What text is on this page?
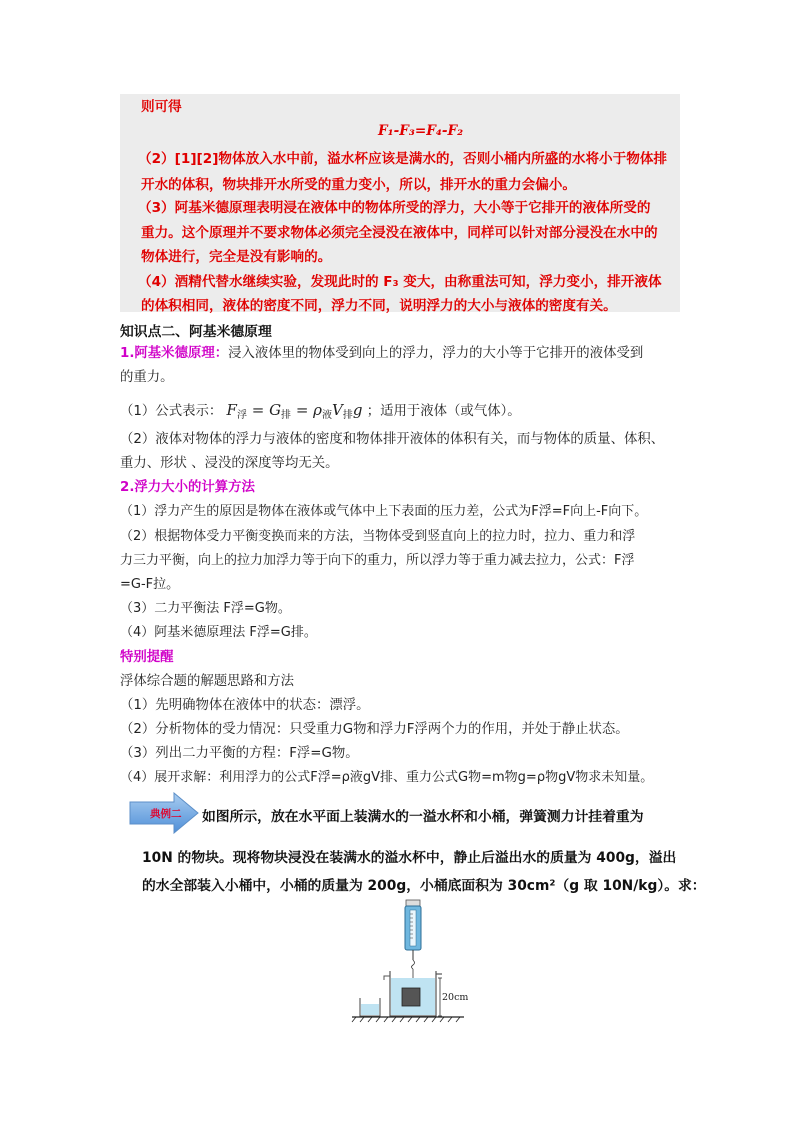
则可得
F₁-F₃=F₄-F₂
（2）[1][2]物体放入水中前，溢水杯应该是满水的，否则小桶内所盛的水将小于物体排
开水的体积，物块排开水所受的重力变小，所以，排开水的重力会偏小。
（3）阿基米德原理表明浸在液体中的物体所受的浮力，大小等于它排开的液体所受的
重力。这个原理并不要求物体必须完全浸没在液体中，同样可以针对部分浸没在水中的
物体进行，完全是没有影响的。
（4）酒精代替水继续实验，发现此时的 F₃ 变大，由称重法可知，浮力变小，排开液体
的体积相同，液体的密度不同，浮力不同，说明浮力的大小与液体的密度有关。
知识点二、阿基米德原理
1.阿基米德原理：浸入液体里的物体受到向上的浮力，浮力的大小等于它排开的液体受到
的重力。
（1）公式表示： $F_浮 = G_排 = \rho_液V_排g$ ；适用于液体（或气体）。
（2）液体对物体的浮力与液体的密度和物体排开液体的体积有关，而与物体的质量、体积、
重力、形状 、浸没的深度等均无关。
2.浮力大小的计算方法
（1）浮力产生的原因是物体在液体或气体中上下表面的压力差，公式为F浮=F向上-F向下。
（2）根据物体受力平衡变换而来的方法，当物体受到竖直向上的拉力时，拉力、重力和浮
力三力平衡，向上的拉力加浮力等于向下的重力，所以浮力等于重力减去拉力，公式：F浮
=G-F拉。
（3）二力平衡法 F浮=G物。
（4）阿基米德原理法 F浮=G排。
特别提醒
浮体综合题的解题思路和方法
（1）先明确物体在液体中的状态：漂浮。
（2）分析物体的受力情况：只受重力G物和浮力F浮两个力的作用，并处于静止状态。
（3）列出二力平衡的方程：F浮=G物。
（4）展开求解：利用浮力的公式F浮=ρ液gV排、重力公式G物=m物g=ρ物gV物求未知量。
典例二 如图所示，放在水平面上装满水的一溢水杯和小桶，弹簧测力计挂着重为
10N 的物块。现将物块浸没在装满水的溢水杯中，静止后溢出水的质量为 400g，溢出
的水全部装入小桶中，小桶的质量为 200g，小桶底面积为 30cm²（g 取 10N/kg）。求：
20cm
